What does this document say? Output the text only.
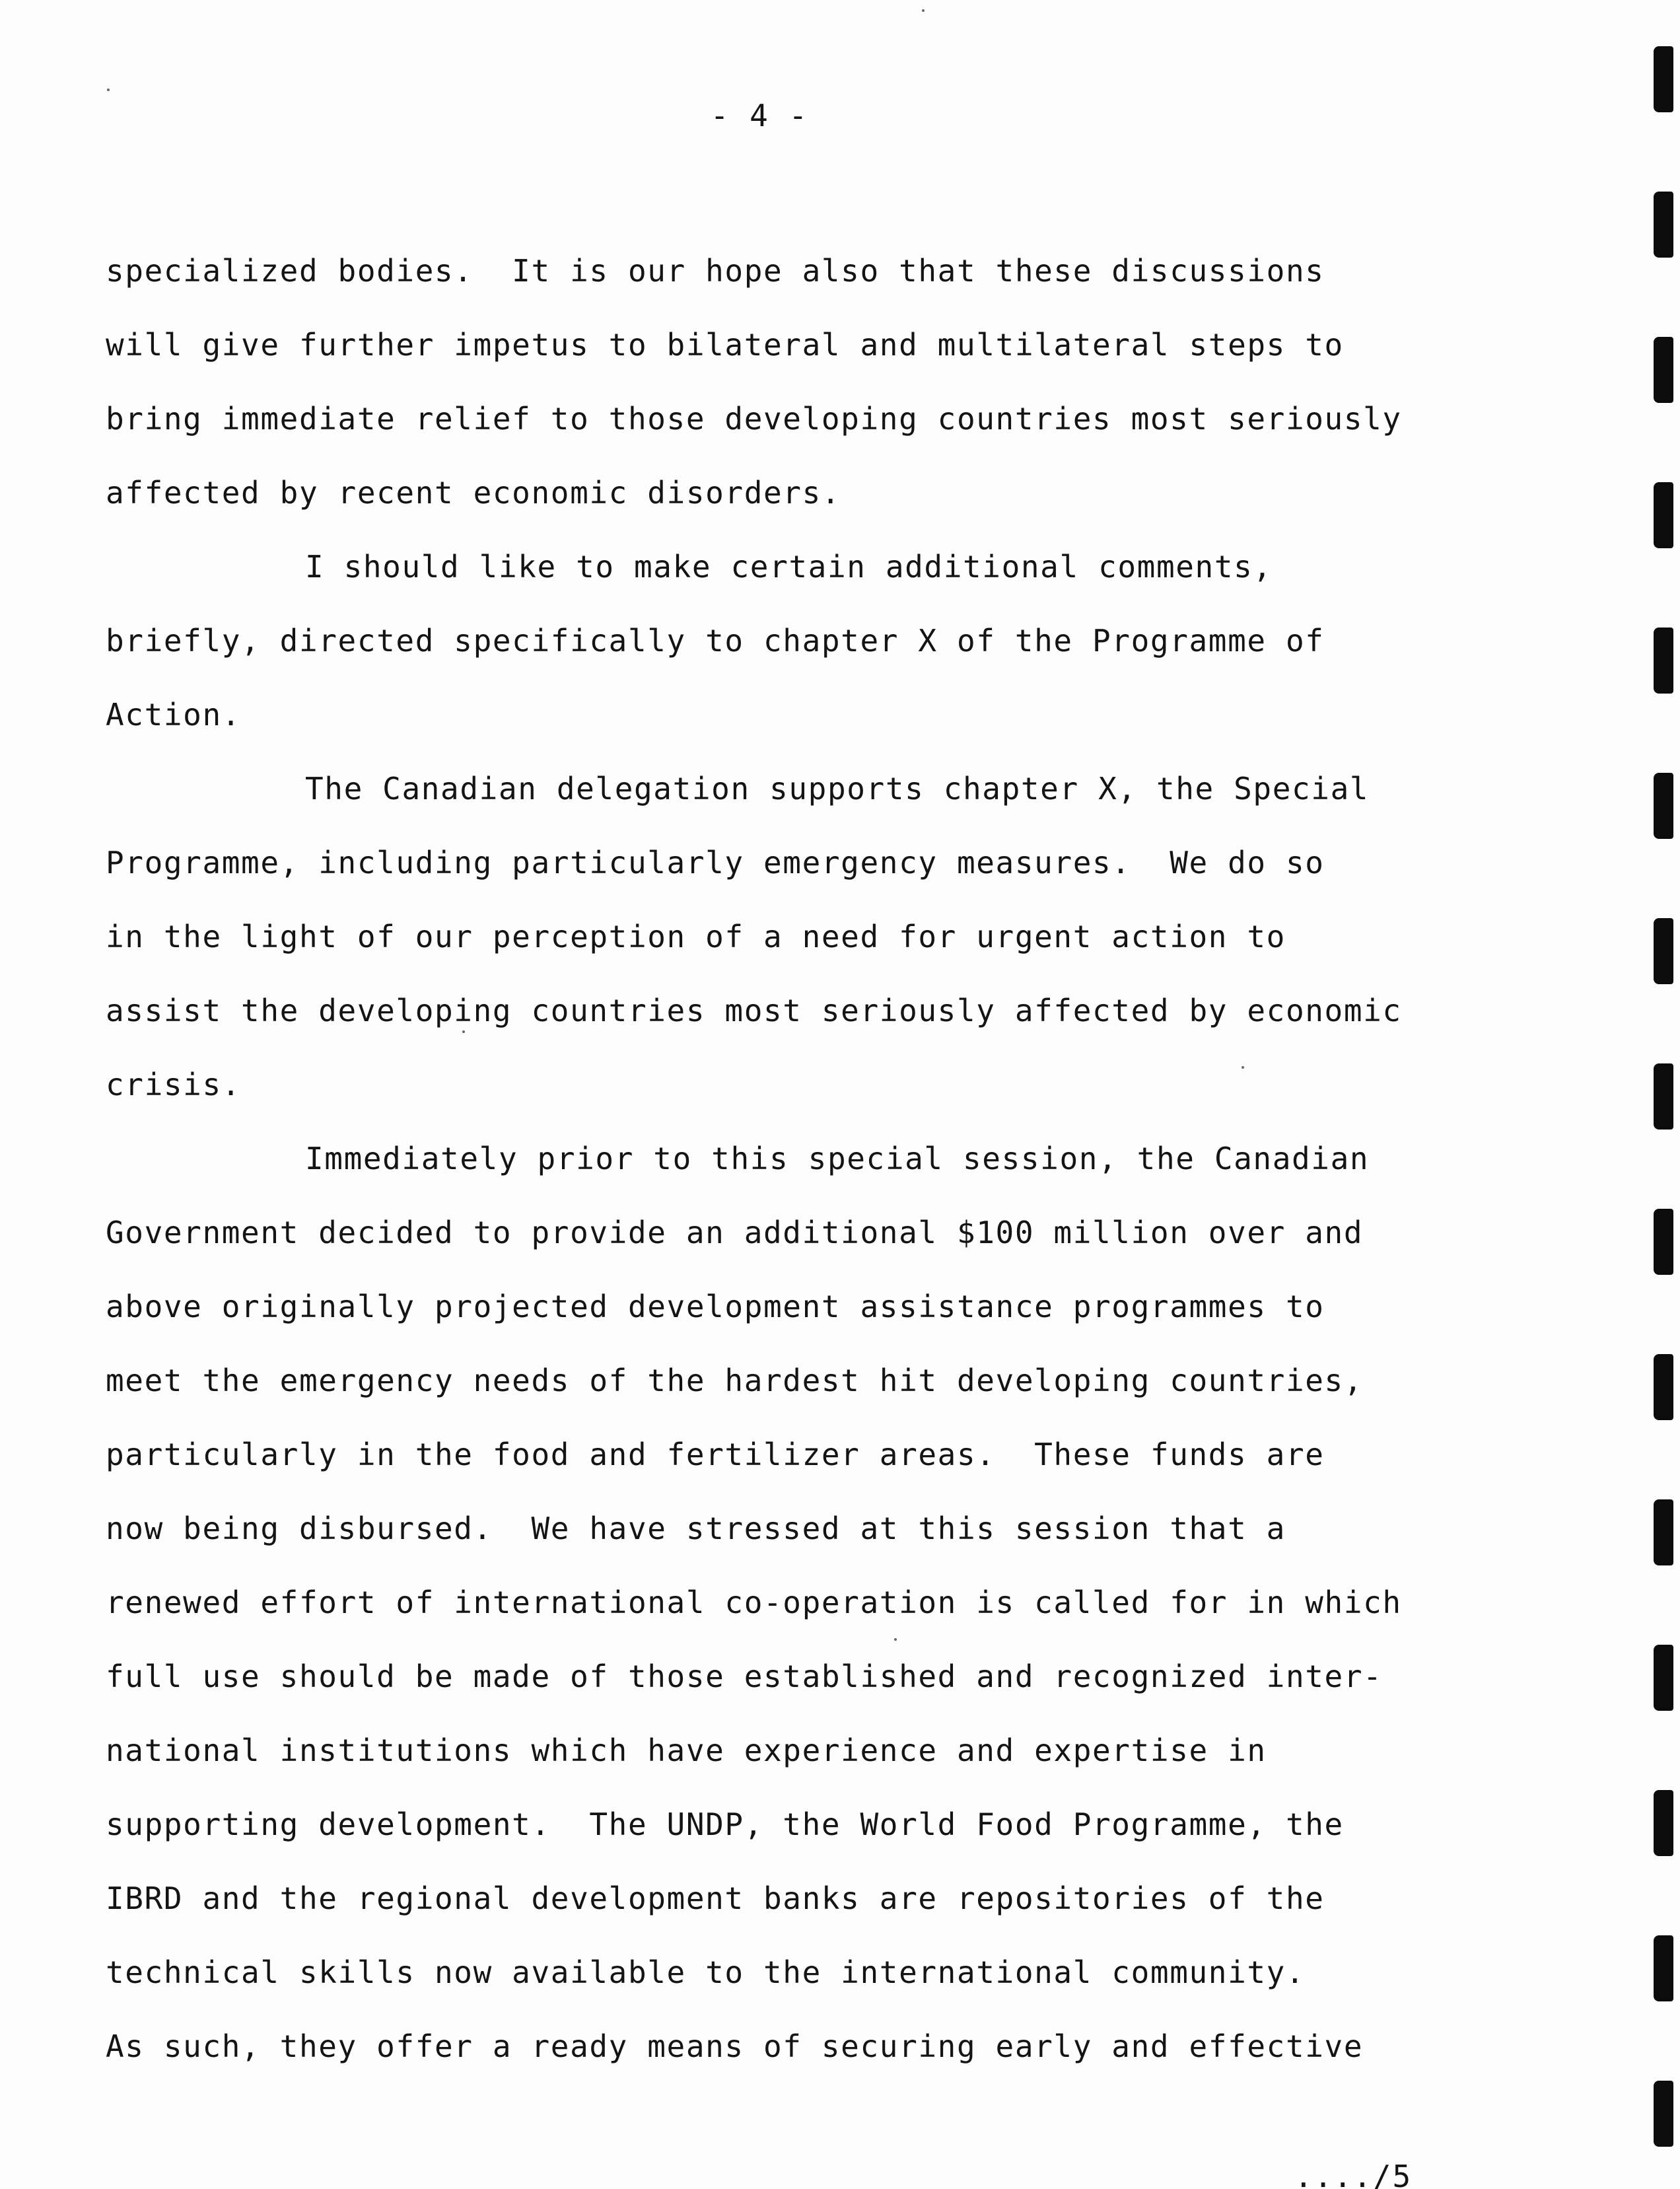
- 4 -
specialized bodies.  It is our hope also that these discussions
will give further impetus to bilateral and multilateral steps to
bring immediate relief to those developing countries most seriously
affected by recent economic disorders.
I should like to make certain additional comments,
briefly, directed specifically to chapter X of the Programme of
Action.
The Canadian delegation supports chapter X, the Special
Programme, including particularly emergency measures.  We do so
in the light of our perception of a need for urgent action to
assist the developing countries most seriously affected by economic
crisis.
Immediately prior to this special session, the Canadian
Government decided to provide an additional $100 million over and
above originally projected development assistance programmes to
meet the emergency needs of the hardest hit developing countries,
particularly in the food and fertilizer areas.  These funds are
now being disbursed.  We have stressed at this session that a
renewed effort of international co-operation is called for in which
full use should be made of those established and recognized inter-
national institutions which have experience and expertise in
supporting development.  The UNDP, the World Food Programme, the
IBRD and the regional development banks are repositories of the
technical skills now available to the international community.
As such, they offer a ready means of securing early and effective
..../5
